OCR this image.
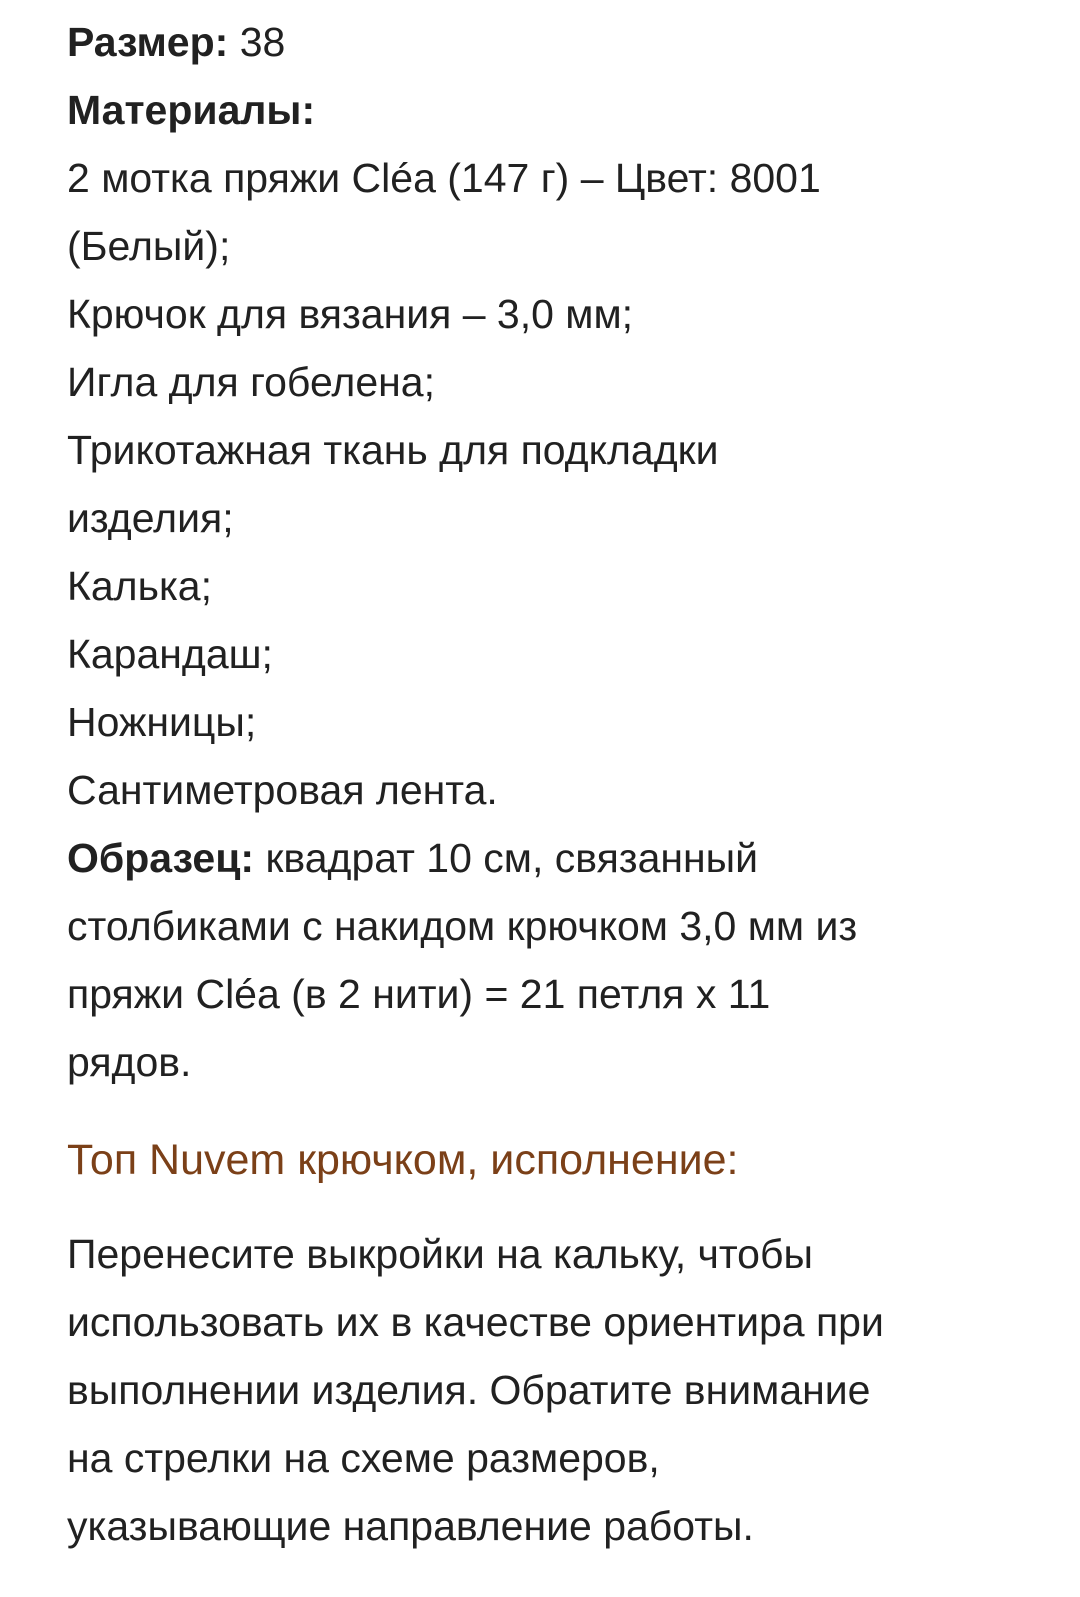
Размер: 38

Материалы:

2 мотка пряжи Cléa (147 г) – Цвет: 8001

(Белый);

Крючок для вязания – 3,0 мм;

Игла для гобелена;

Трикотажная ткань для подкладки

изделия;

Калька;

Карандаш;

Ножницы;

Сантиметровая лента.

Образец: квадрат 10 см, связанный

столбиками с накидом крючком 3,0 мм из

пряжи Cléa (в 2 нити) = 21 петля х 11

рядов.

Топ Nuvem крючком, исполнение:

Перенесите выкройки на кальку, чтобы

использовать их в качестве ориентира при

выполнении изделия. Обратите внимание

на стрелки на схеме размеров,

указывающие направление работы.
